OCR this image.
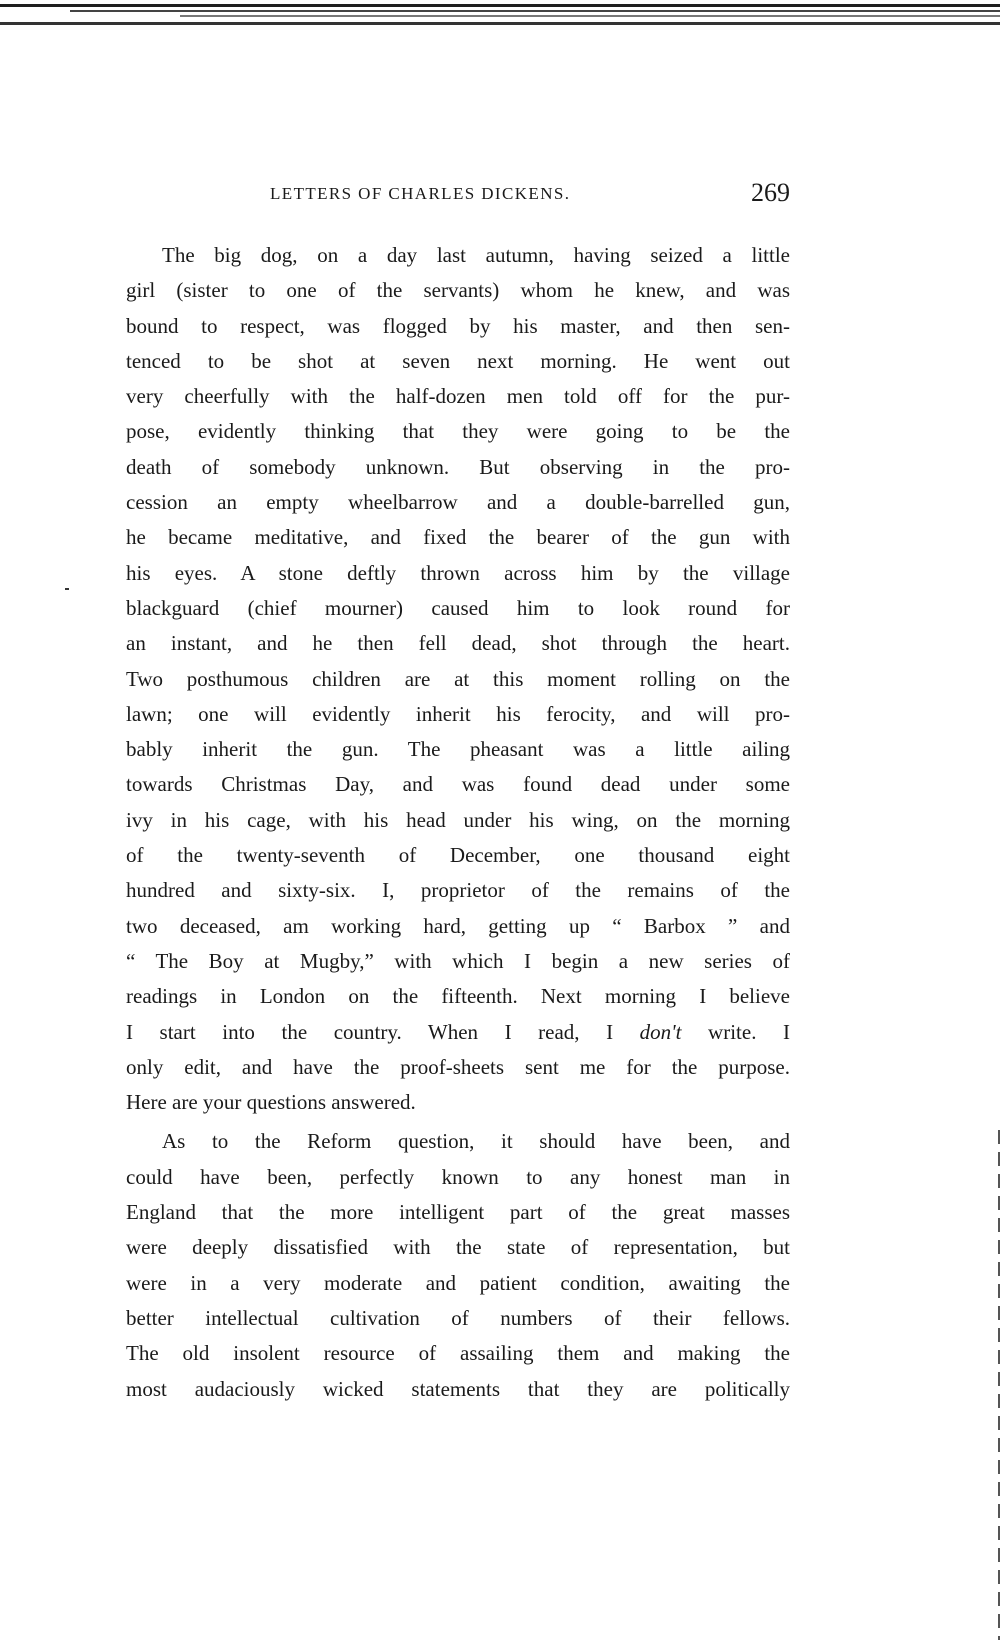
LETTERS OF CHARLES DICKENS.	269

The big dog, on a day last autumn, having seized a little
girl (sister to one of the servants) whom he knew, and was
bound to respect, was flogged by his master, and then sen-
tenced to be shot at seven next morning. He went out
very cheerfully with the half-dozen men told off for the pur-
pose, evidently thinking that they were going to be the
death of somebody unknown. But observing in the pro-
cession an empty wheelbarrow and a double-barrelled gun,
he became meditative, and fixed the bearer of the gun with
his eyes. A stone deftly thrown across him by the village
blackguard (chief mourner) caused him to look round for
an instant, and he then fell dead, shot through the heart.
Two posthumous children are at this moment rolling on the
lawn; one will evidently inherit his ferocity, and will pro-
bably inherit the gun. The pheasant was a little ailing
towards Christmas Day, and was found dead under some
ivy in his cage, with his head under his wing, on the morning
of the twenty-seventh of December, one thousand eight
hundred and sixty-six. I, proprietor of the remains of the
two deceased, am working hard, getting up “ Barbox ” and
“ The Boy at Mugby,” with which I begin a new series of
readings in London on the fifteenth. Next morning I believe
I start into the country. When I read, I don't write. I
only edit, and have the proof-sheets sent me for the purpose.
Here are your questions answered.

As to the Reform question, it should have been, and
could have been, perfectly known to any honest man in
England that the more intelligent part of the great masses
were deeply dissatisfied with the state of representation, but
were in a very moderate and patient condition, awaiting the
better intellectual cultivation of numbers of their fellows.
The old insolent resource of assailing them and making the
most audaciously wicked statements that they are politically
